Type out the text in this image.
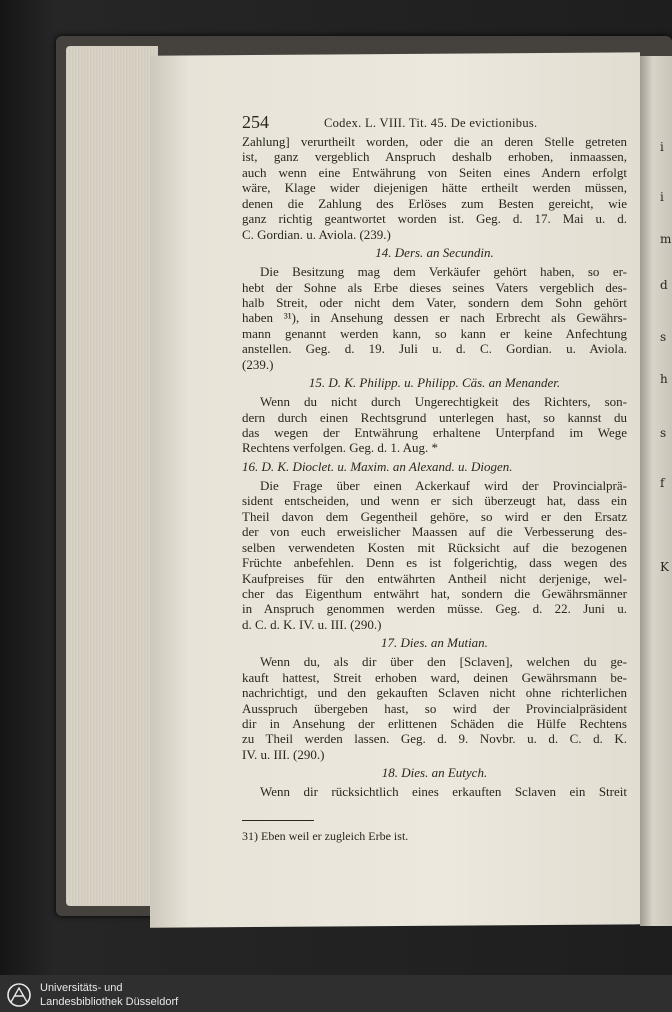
i
i
m
d
s
h
s
f
K
254	Codex. L. VIII. Tit. 45. De evictionibus.
Zahlung] verurtheilt worden, oder die an deren Stelle getreten
ist, ganz vergeblich Anspruch deshalb erhoben, inmaassen,
auch wenn eine Entwährung von Seiten eines Andern erfolgt
wäre, Klage wider diejenigen hätte ertheilt werden müssen,
denen die Zahlung des Erlöses zum Besten gereicht, wie
ganz richtig geantwortet worden ist. Geg. d. 17. Mai u. d.
C. Gordian. u. Aviola. (239.)
14. Ders. an Secundin.
Die Besitzung mag dem Verkäufer gehört haben, so er-
hebt der Sohne als Erbe dieses seines Vaters vergeblich des-
halb Streit, oder nicht dem Vater, sondern dem Sohn gehört
haben ³¹), in Ansehung dessen er nach Erbrecht als Gewährs-
mann genannt werden kann, so kann er keine Anfechtung
anstellen. Geg. d. 19. Juli u. d. C. Gordian. u. Aviola.
(239.)
15. D. K. Philipp. u. Philipp. Cäs. an Menander.
Wenn du nicht durch Ungerechtigkeit des Richters, son-
dern durch einen Rechtsgrund unterlegen hast, so kannst du
das wegen der Entwährung erhaltene Unterpfand im Wege
Rechtens verfolgen. Geg. d. 1. Aug. *
16. D. K. Dioclet. u. Maxim. an Alexand. u. Diogen.
Die Frage über einen Ackerkauf wird der Provincialprä-
sident entscheiden, und wenn er sich überzeugt hat, dass ein
Theil davon dem Gegentheil gehöre, so wird er den Ersatz
der von euch erweislicher Maassen auf die Verbesserung des-
selben verwendeten Kosten mit Rücksicht auf die bezogenen
Früchte anbefehlen. Denn es ist folgerichtig, dass wegen des
Kaufpreises für den entwährten Antheil nicht derjenige, wel-
cher das Eigenthum entwährt hat, sondern die Gewährsmänner
in Anspruch genommen werden müsse. Geg. d. 22. Juni u.
d. C. d. K. IV. u. III. (290.)
17. Dies. an Mutian.
Wenn du, als dir über den [Sclaven], welchen du ge-
kauft hattest, Streit erhoben ward, deinen Gewährsmann be-
nachrichtigt, und den gekauften Sclaven nicht ohne richterlichen
Ausspruch übergeben hast, so wird der Provincialpräsident
dir in Ansehung der erlittenen Schäden die Hülfe Rechtens
zu Theil werden lassen. Geg. d. 9. Novbr. u. d. C. d. K.
IV. u. III. (290.)
18. Dies. an Eutych.
Wenn dir rücksichtlich eines erkauften Sclaven ein Streit
31) Eben weil er zugleich Erbe ist.
Universitäts- und
Landesbibliothek Düsseldorf
